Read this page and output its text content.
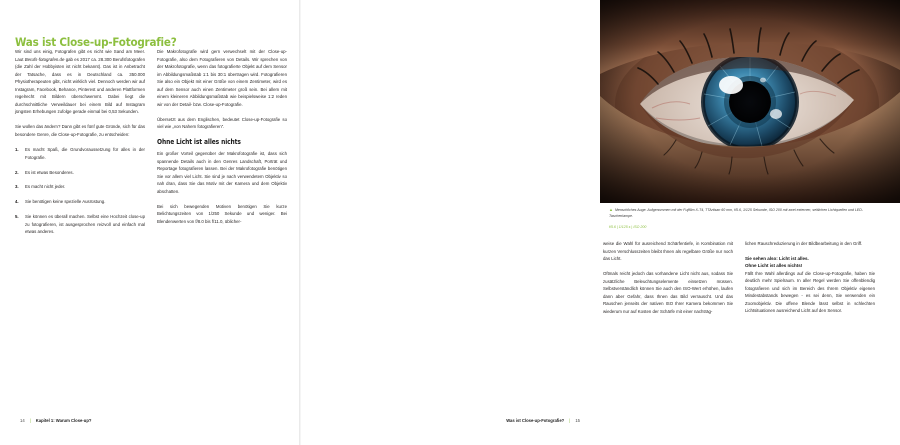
Was ist Close-up-Fotografie?

Wir sind uns einig, Fotografen gibt es nicht wie Sand am Meer. Laut Berufs-fotografen.de gab es 2017 ca. 28.300 Berufsfotografen (die Zahl der Hobbyisten ist nicht bekannt). Das ist in Anbetracht der Tatsache, dass es in Deutschland ca. 350.000 Physiotherapeuten gibt, nicht wirklich viel. Dennoch werden wir auf Instagram, Facebook, Behance, Pinterest und anderen Plattformen regelrecht mit Bildern überschwemmt. Dabei liegt die durchschnittliche Verweildauer bei einem Bild auf Instagram jüngsten Erhebungen zufolge gerade einmal bei 0,53 Sekunden.

Sie wollen das ändern? Dann gibt es fünf gute Gründe, sich für das besondere Genre, die Close-up-Fotografie, zu entscheiden:

1. Es macht Spaß, die Grundvoraussetzung für alles in der Fotografie.
2. Es ist etwas Besonderes.
3. Es macht nicht jeder.
4. Sie benötigen keine spezielle Ausrüstung.
5. Sie können es überall machen. Selbst eine Hochzeit close-up zu fotografieren, ist ausgesprochen reizvoll und einfach mal etwas anderes.

Die Makrofotografie wird gern verwechselt mit der Close-up-Fotografie, also dem Fotografieren von Details. Wir sprechen von der Makrofotografie, wenn das fotografierte Objekt auf dem Sensor im Abbildungsmaßstab 1:1 bis 30:1 übertragen wird. Fotografieren Sie also ein Objekt mit einer Größe von einem Zentimeter, wird es auf dem Sensor auch einen Zentimeter groß sein. Bei allem mit einem kleineren Abbildungsmaßstab wie beispielsweise 1:2 reden wir von der Detail- bzw. Close-up-Fotografie.

Übersetzt aus dem Englischen, bedeutet Close-up-Fotografie so viel wie „von Nahem fotografieren“.

Ohne Licht ist alles nichts

Ein großer Vorteil gegenüber der Makrofotografie ist, dass sich spannende Details auch in den Genres Landschaft, Porträt und Reportage fotografieren lassen. Bei der Makrofotografie benötigen Sie vor allem viel Licht. Sie sind je nach verwendetem Objektiv so nah dran, dass Sie das Motiv mit der Kamera und dem Objektiv abschatten.

Bei sich bewegenden Motiven benötigen Sie kurze Belichtungszeiten von 1/250 Sekunde und weniger. Bei Blendenwerten von f/8.0 bis f/11.0, üblicher-

14 | Kapitel 1: Warum Close-up?
▲ Menschliches Auge. Aufgenommen mit der Fujifilm X-T4, TTArtisan 60 mm, f/5.6, 1/125 Sekunde, ISO 200 mit zwei externen, seitlichen Lichtquellen und LED-Taschenlampe.
f/5.6 | 1/125 s | ISO 200

weise die Wahl für ausreichend Schärfentiefe, in Kombination mit kurzen Verschlusszeiten bleibt Ihnen als regelbare Größe nur noch das Licht.

Oftmals reicht jedoch das vorhandene Licht nicht aus, sodass Sie zusätzliche Beleuchtungselemente einsetzen müssen. Selbstverständlich können Sie auch den ISO-Wert erhöhen, laufen dann aber Gefahr, dass Ihnen das Bild verrauscht. Und das Rauschen jenseits der nativen ISO Ihrer Kamera bekommen Sie wiederum nur auf Kosten der Schärfe mit einer nachträg-

lichen Rauschreduzierung in der Bildbearbeitung in den Griff.

Sie sehen also: Licht ist alles.
Ohne Licht ist alles nichts!
Fällt Ihre Wahl allerdings auf die Close-up-Fotografie, haben Sie deutlich mehr Spielraum. In aller Regel werden Sie offenblendig fotografieren und sich im Bereich des Ihrem Objektiv eigenen Mindestabstands bewegen - es sei denn, Sie verwenden ein Zoomobjektiv. Die offene Blende lässt selbst in schlechten Lichtsituationen ausreichend Licht auf den Sensor.

Was ist Close-up-Fotografie? | 15
